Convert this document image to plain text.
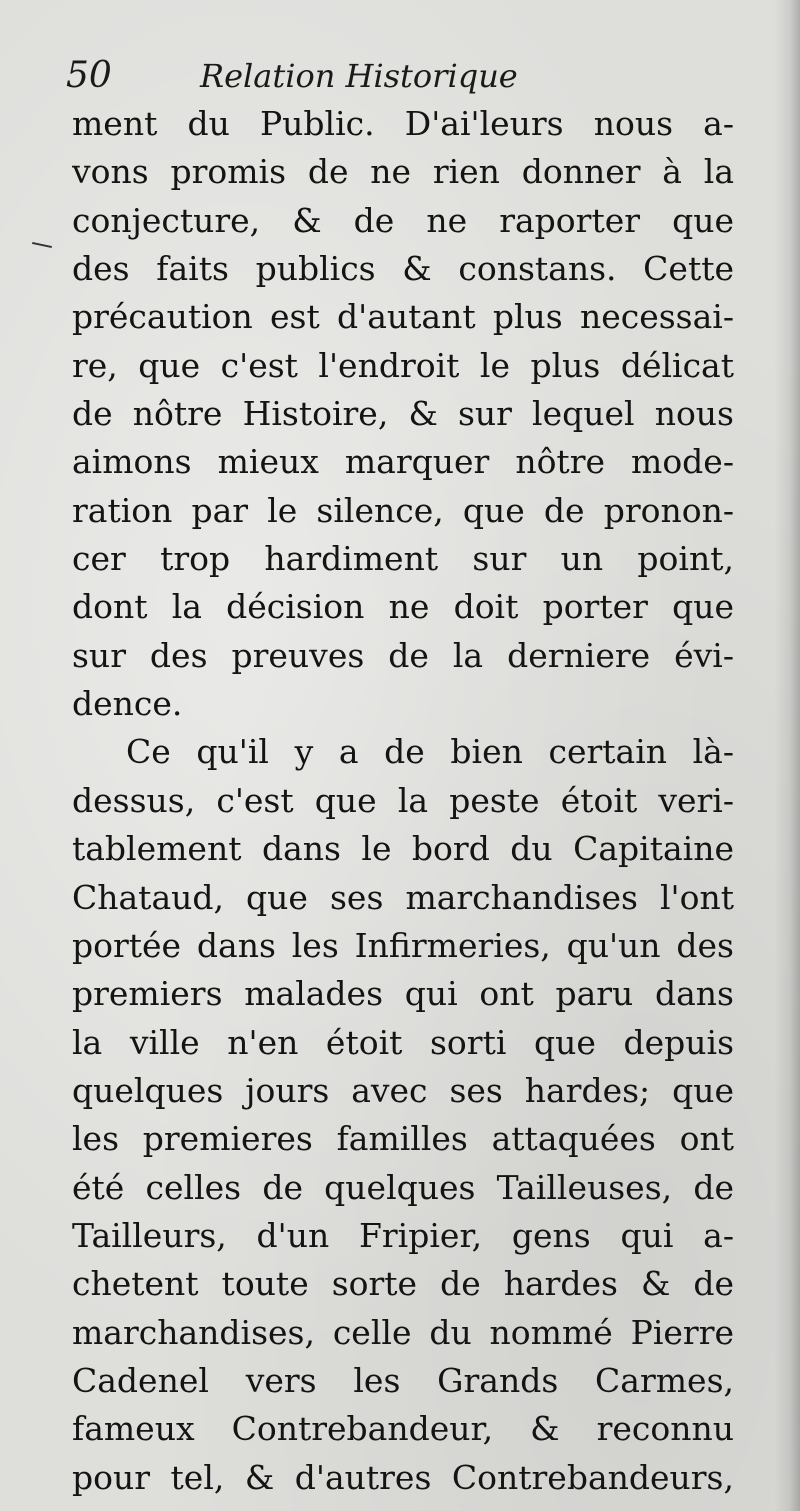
50	Relation Historique
ment du Public. D'ai'leurs nous a-
vons promis de ne rien donner à la
conjecture, & de ne raporter que
des faits publics & constans. Cette
précaution est d'autant plus necessai-
re, que c'est l'endroit le plus délicat
de nôtre Histoire, & sur lequel nous
aimons mieux marquer nôtre mode-
ration par le silence, que de pronon-
cer trop hardiment sur un point,
dont la décision ne doit porter que
sur des preuves de la derniere évi-
dence.
Ce qu'il y a de bien certain là-
dessus, c'est que la peste étoit veri-
tablement dans le bord du Capitaine
Chataud, que ses marchandises l'ont
portée dans les Infirmeries, qu'un des
premiers malades qui ont paru dans
la ville n'en étoit sorti que depuis
quelques jours avec ses hardes; que
les premieres familles attaquées ont
été celles de quelques Tailleuses, de
Tailleurs, d'un Fripier, gens qui a-
chetent toute sorte de hardes & de
marchandises, celle du nommé Pierre
Cadenel vers les Grands Carmes,
fameux Contrebandeur, & reconnu
pour tel, & d'autres Contrebandeurs,
